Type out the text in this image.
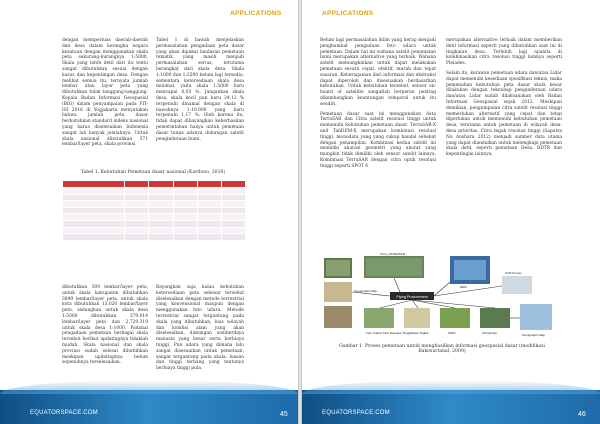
APPLICATIONS

dengan memperluas daerah-daerah dan desa dalam kerangka negara kesatuan dengan menggunakan skala peta sekurang-kurangnya 1:5000. Skala yang lebih detil dari itu tentu sangat dibutuhkan sesuai dengan kasus dan kepentingan desa. Dengan melihat semua itu, ternyata jumlah lembar atau layer peta yang dibutuhkan tidak tanggung-tanggung. Kepala Badan Informasi Geospasial (BIG) dalam penyampaian pada FIT-ISI 2016 di Yogjakarta menyatakan bahwa jumlah peta dasar berbutuhkan standard indeks nasional yang harus diselesaikan Indonesia sangat lah banyak jumlahnya. Untuk skala nasional dibutuhkan 371 lembar/layer peta, skala provinsi

Tabel 1 di bawah menjelaskan permasalahan pengadaan peta dasar yang akan dipakai landasan pemetaan tematik yang masih menjadi permasalahan serius, terutama berangkat dari skala desa. Skala 1:1000 dan 1:2500 belum lagi tersedia, sementara ketersediaan skala desa minimal, yaitu skala 1:5000 baru mencapai 0,03 %. Jangankan skala desa, skala kecil pun baru 24,12 % terpenuhi dinamal dengan skala di bawahnya 1:10.000 yang baru terpenuhi 1,17 %. Oleh karena itu, tidak dapat dibayangkan keberhasilan pemerintahan hanya untuk pemetaan dasar tanpa adanya dukungan satelit penginderaan bumi.

Tabel 1. Kebutuhan Pemetaan dasar nasional (Kardono, 2016)

dibutuhkan 309 lembar/layer peta, untuk skala kabupaten dibutuhkan 3899 lembar/layer peta, untuk skala kota dibutuhkan 13.020 lembar/layer peta, sedangkan untuk skala desa 1:5000 dibutuhkan 379.014 lembar/layer peta dan 2.729.319 untuk skala desa 1:1000. Padahal pengadaan pemetaan berbagai skala tersebut berikut updatingnya tidaklah mudah. Skala nasional dan skala provinsi sudah selesai dibutuhkan meskipun updatingnya belum sepenuhnya terselesaikan.

Bayangkan saja kalau kebutuhan ketersediaan peta sebesar tersebut diselesaikan dengan metode terrestrial yang konvensional maupun dengan menggunakan foto udara. Metode terrestrial sangat tergantung pada skala yang dibutuhkan, luas wilayah dan kondisi alam yang akan diselesaikan, dukungan sumberdaya manusia yang besar serta berbiaya tinggi. Pun udara yang dimana lalu sangat disesuaikan untuk pemetaan, sangat tergantung pada skala, luasan dan tinggi terbang yang tentunya berbiaya tinggi pula.

EQUATORSPACE.COM	45
APPLICATIONS

Belum lagi permasalahan iklim yang kerap menjadi penghambat pengadaan foto udara untuk pemetaan. Dalam hal ini wahana satelit penamatan bumi merupakan alternative yang terbaik. Wahana satelit memungkinkan untuk dapat melakukan pemetaan secara cepat, efektif, murah dan tepat sasaran. Keberagaman dari informasi dan ekstraksi dapat diperoleh dan disesuaikan berdasarkan kebutuhan. Untuk kebutuhan tersebut, sensor on-board of satellite sangatlah berperan penting dikembangkan keuntungan temporal untuk itu sendiri.

Pemetaan dasar saat ini menggunakan data TerraSAR dan Citra satelit resolusi tinggi untuk memenuhi kebutuhan pemetaan dasar. TerraSAR-X and TanDEM-X merupakan kombinasi resolusi tinggi, monodata yang yang cukup handal sehebat dengan penampilan. Kombinasi kedua satelit ini memiliki akurasi geometri yang akurat yang mungkin tidak dimiliki oleh sensor satelit lainnya. Kombinasi TerraSAR dengan citra optik resolusi tinggi seperti SPOT 6

merupakan alternative terbaik dalam memberikan detil informasi seperti yang dibutuhkan saat ini di tingkatan desa. Terlebih lagi apabila di kombinasikan citra resolusi tinggi lainnya seperti Pleiades.

Selain itu, kerawan pemetaan udara dan/atau Lidar dapat memenuhi kesediaan spesifikasi teknis, maka pemenuhan kebutuhan peta dasar skala besar dilakukan dengan teknologi penginderaan udara dan/atau Lidar sudah dilaksanakan oleh Badan Informasi Geospasial sejak 2012. Meskipun demikian, pengumpulan citra satelit resolusi tinggi memerlukan alternatif yang cepat dan tetap diperlukan untuk memenuhi kebutuhan pemetaan desa, terutama untuk pemetaan di wilayah desa-desa prioritas. Citra tegak resolusi tinggi (Saputra Nu Ansharu 2012) menjadi sumber data utama yang dapat diandalkan untuk melengkapi pemetaan skala detil, seperti pemetaan Desa, RDTR dan kepentingan lainnya.

Flying Procurement
Terra_ASTER/DLR ...
Topographic Map
GCP Survey
Foto Udara/ Citra Resolusi Tinggi Sistem Digital	GRID	Orthophoto	Topographic Map
DEM
Gambar 1. Proses pemetaan untuk menghasilkan informasi geospasial dasar (modifikasi Bakosurtanal, 2009)
EQUATORSPACE.COM	46
